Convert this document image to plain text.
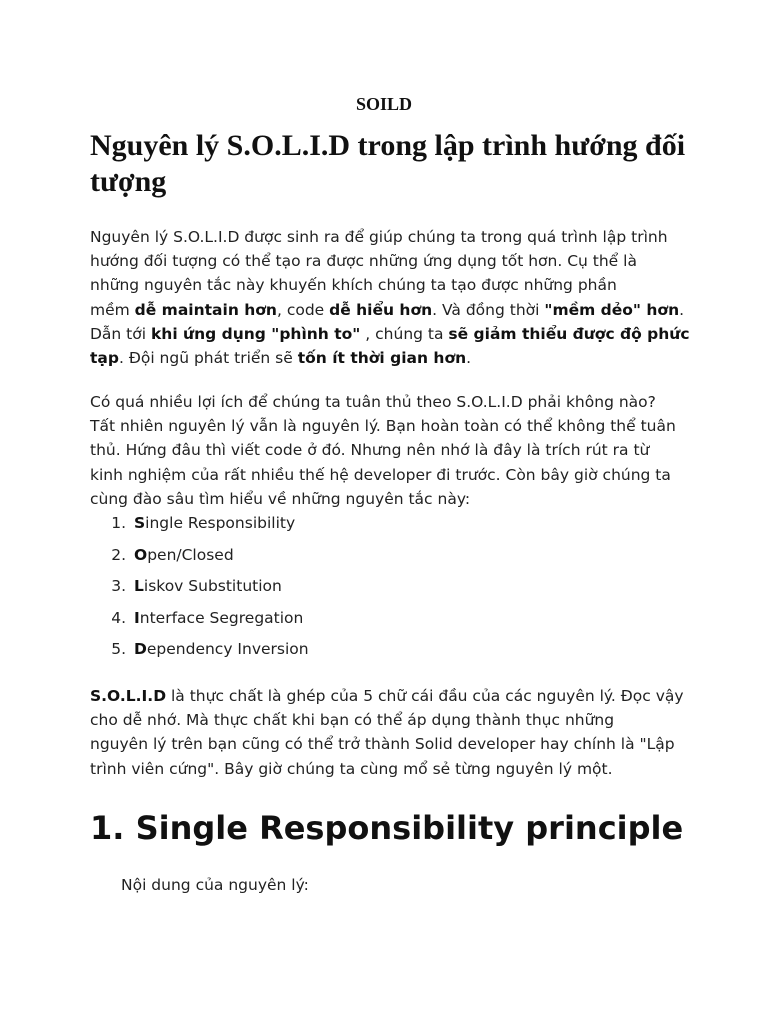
SOILD
Nguyên lý S.O.L.I.D trong lập trình hướng đối tượng

Nguyên lý S.O.L.I.D được sinh ra để giúp chúng ta trong quá trình lập trình
hướng đối tượng có thể tạo ra được những ứng dụng tốt hơn. Cụ thể là
những nguyên tắc này khuyến khích chúng ta tạo được những phần
mềm dễ maintain hơn, code dễ hiểu hơn. Và đồng thời "mềm dẻo" hơn.
Dẫn tới khi ứng dụng "phình to" , chúng ta sẽ giảm thiểu được độ phức
tạp. Đội ngũ phát triển sẽ tốn ít thời gian hơn.

Có quá nhiều lợi ích để chúng ta tuân thủ theo S.O.L.I.D phải không nào?
Tất nhiên nguyên lý vẫn là nguyên lý. Bạn hoàn toàn có thể không thể tuân
thủ. Hứng đâu thì viết code ở đó. Nhưng nên nhớ là đây là trích rút ra từ
kinh nghiệm của rất nhiều thế hệ developer đi trước. Còn bây giờ chúng ta
cùng đào sâu tìm hiểu về những nguyên tắc này:

1. S ingle Responsibility
2. O pen/Closed
3. L iskov Substitution
4. I nterface Segregation
5. D ependency Inversion

S.O.L.I.D là thực chất là ghép của 5 chữ cái đầu của các nguyên lý. Đọc vậy
cho dễ nhớ. Mà thực chất khi bạn có thể áp dụng thành thục những
nguyên lý trên bạn cũng có thể trở thành Solid developer hay chính là "Lập
trình viên cứng". Bây giờ chúng ta cùng mổ sẻ từng nguyên lý một.

1. Single Responsibility principle

Nội dung của nguyên lý:
